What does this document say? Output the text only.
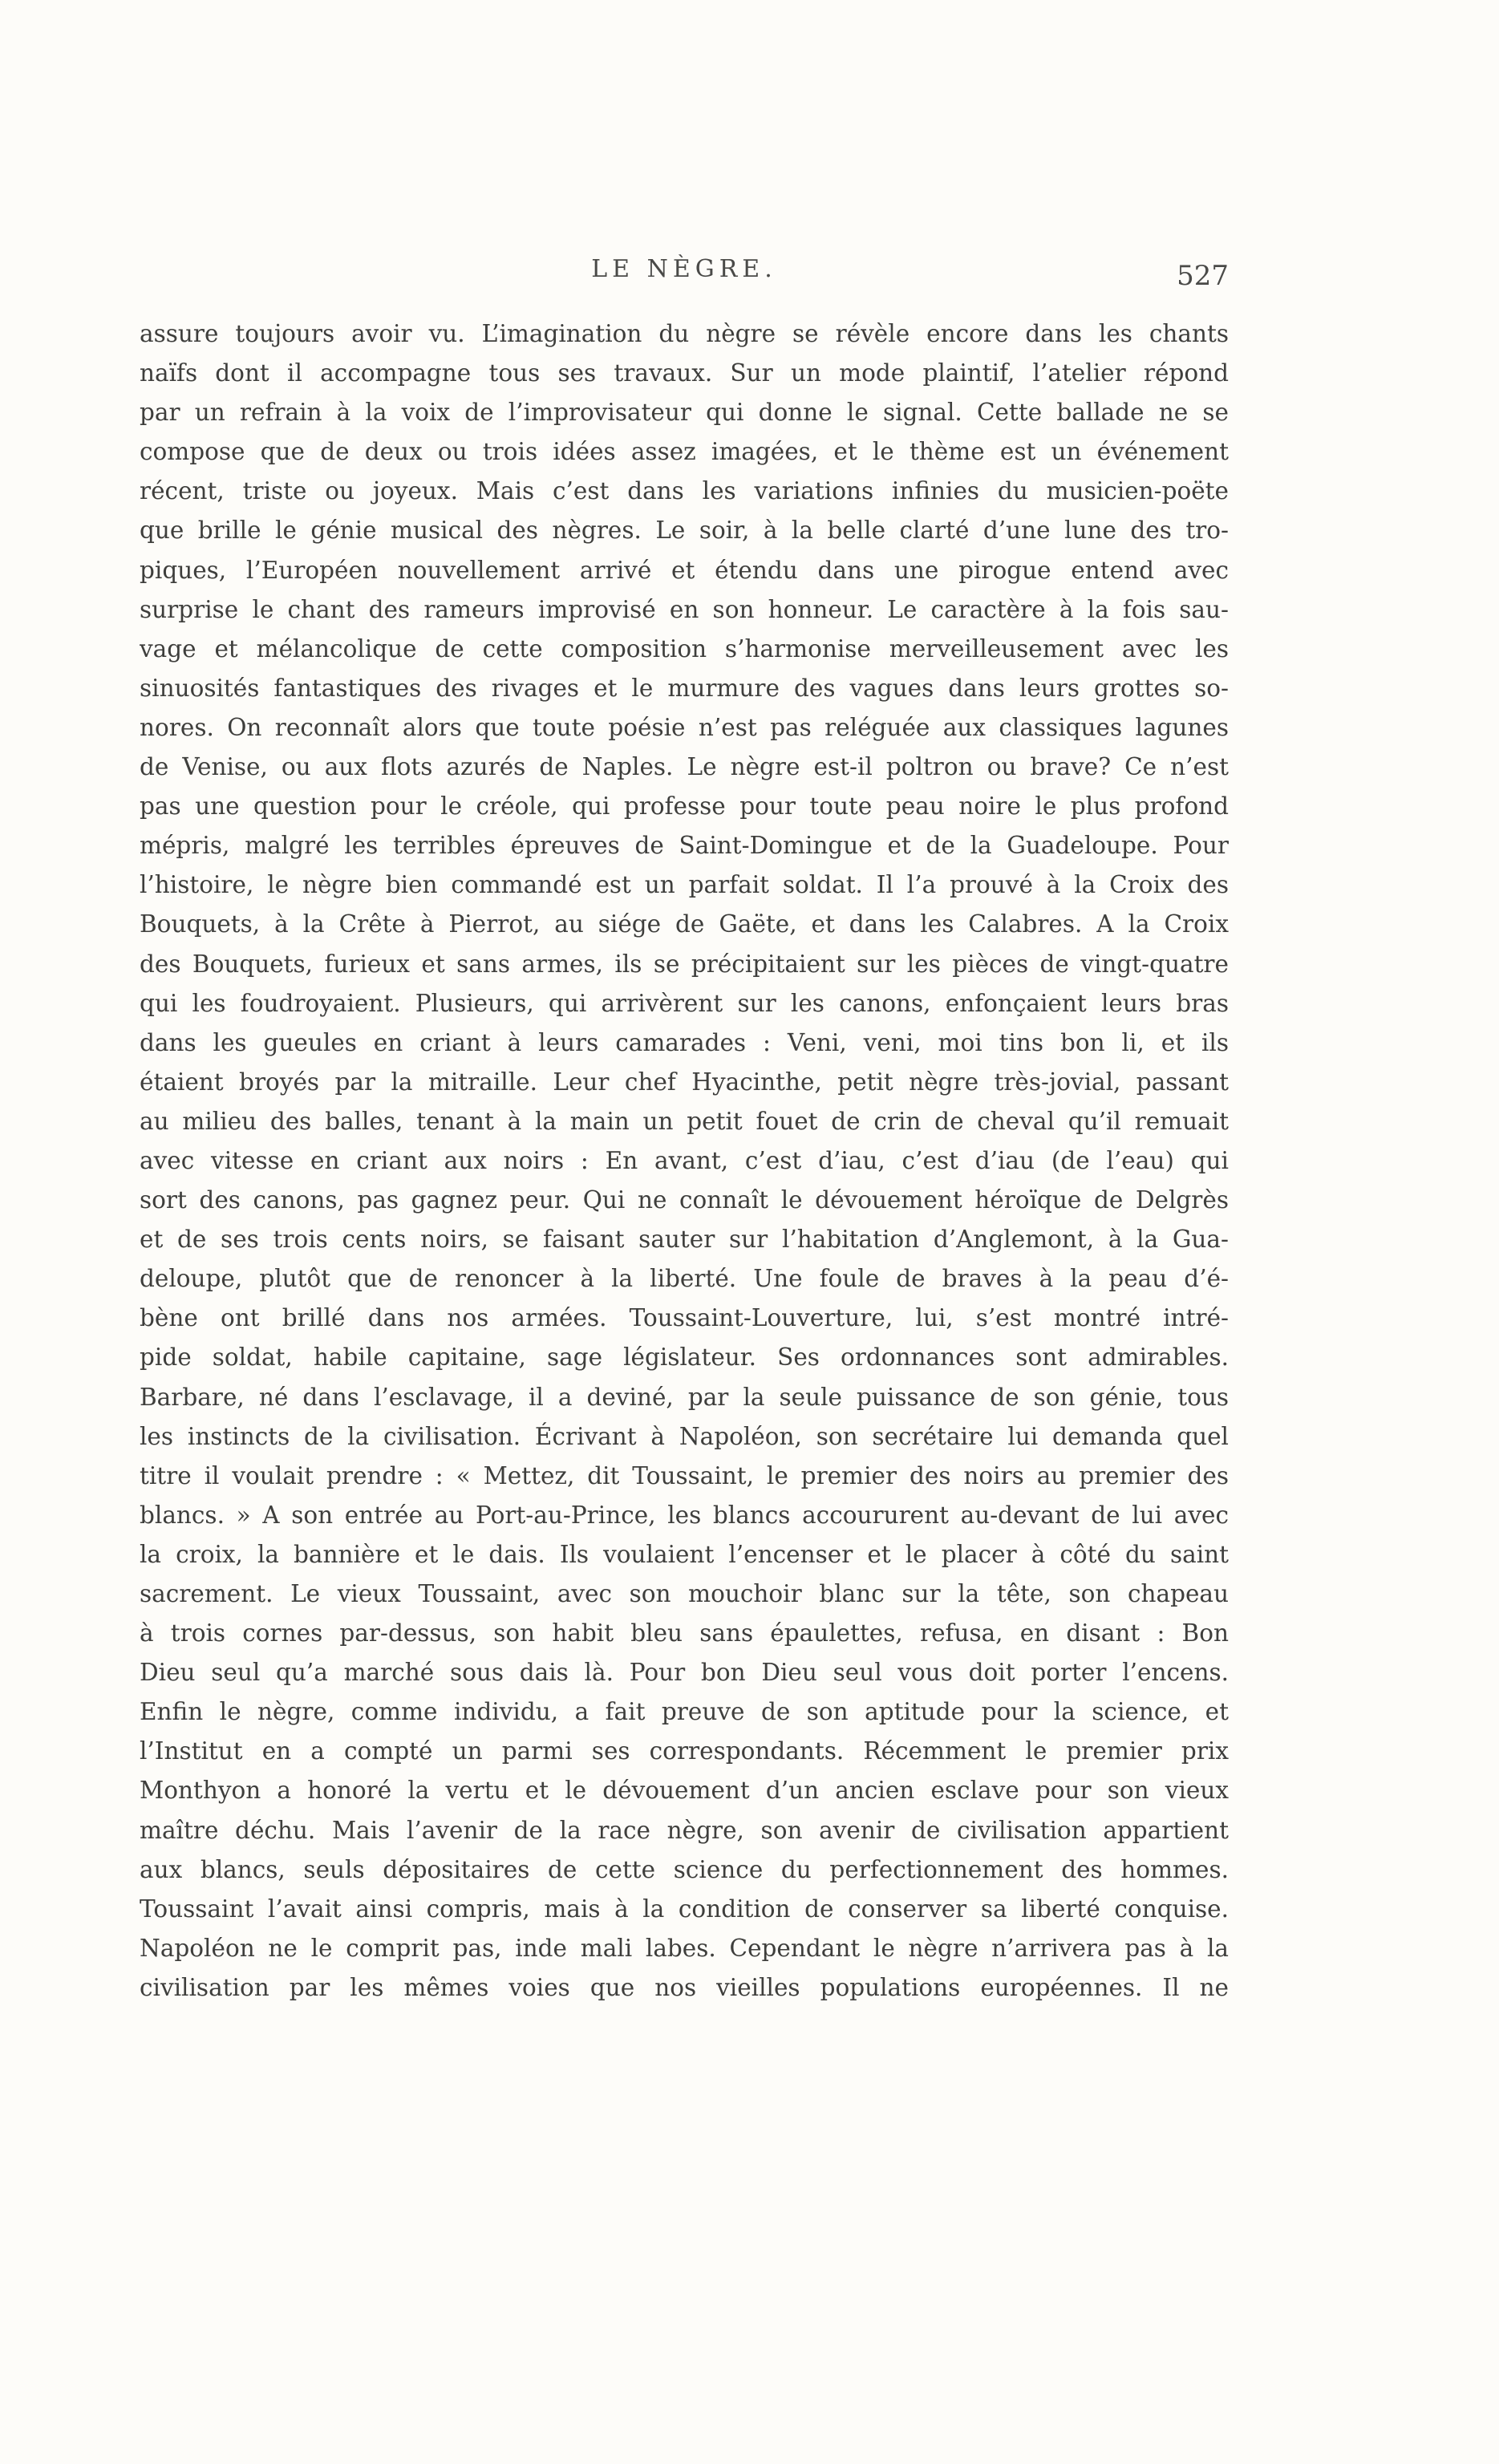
LE NÈGRE.	527
assure toujours avoir vu. L’imagination du nègre se révèle encore dans les chants
naïfs dont il accompagne tous ses travaux. Sur un mode plaintif, l’atelier répond
par un refrain à la voix de l’improvisateur qui donne le signal. Cette ballade ne se
compose que de deux ou trois idées assez imagées, et le thème est un événement
récent, triste ou joyeux. Mais c’est dans les variations infinies du musicien-poëte
que brille le génie musical des nègres. Le soir, à la belle clarté d’une lune des tro-
piques, l’Européen nouvellement arrivé et étendu dans une pirogue entend avec
surprise le chant des rameurs improvisé en son honneur. Le caractère à la fois sau-
vage et mélancolique de cette composition s’harmonise merveilleusement avec les
sinuosités fantastiques des rivages et le murmure des vagues dans leurs grottes so-
nores. On reconnaît alors que toute poésie n’est pas reléguée aux classiques lagunes
de Venise, ou aux flots azurés de Naples. Le nègre est-il poltron ou brave? Ce n’est
pas une question pour le créole, qui professe pour toute peau noire le plus profond
mépris, malgré les terribles épreuves de Saint-Domingue et de la Guadeloupe. Pour
l’histoire, le nègre bien commandé est un parfait soldat. Il l’a prouvé à la Croix des
Bouquets, à la Crête à Pierrot, au siége de Gaëte, et dans les Calabres. A la Croix
des Bouquets, furieux et sans armes, ils se précipitaient sur les pièces de vingt-quatre
qui les foudroyaient. Plusieurs, qui arrivèrent sur les canons, enfonçaient leurs bras
dans les gueules en criant à leurs camarades : Veni, veni, moi tins bon li, et ils
étaient broyés par la mitraille. Leur chef Hyacinthe, petit nègre très-jovial, passant
au milieu des balles, tenant à la main un petit fouet de crin de cheval qu’il remuait
avec vitesse en criant aux noirs : En avant, c’est d’iau, c’est d’iau (de l’eau) qui
sort des canons, pas gagnez peur. Qui ne connaît le dévouement héroïque de Delgrès
et de ses trois cents noirs, se faisant sauter sur l’habitation d’Anglemont, à la Gua-
deloupe, plutôt que de renoncer à la liberté. Une foule de braves à la peau d’é-
bène ont brillé dans nos armées. Toussaint-Louverture, lui, s’est montré intré-
pide soldat, habile capitaine, sage législateur. Ses ordonnances sont admirables.
Barbare, né dans l’esclavage, il a deviné, par la seule puissance de son génie, tous
les instincts de la civilisation. Écrivant à Napoléon, son secrétaire lui demanda quel
titre il voulait prendre : « Mettez, dit Toussaint, le premier des noirs au premier des
blancs. » A son entrée au Port-au-Prince, les blancs accoururent au-devant de lui avec
la croix, la bannière et le dais. Ils voulaient l’encenser et le placer à côté du saint
sacrement. Le vieux Toussaint, avec son mouchoir blanc sur la tête, son chapeau
à trois cornes par-dessus, son habit bleu sans épaulettes, refusa, en disant : Bon
Dieu seul qu’a marché sous dais là. Pour bon Dieu seul vous doit porter l’encens.
Enfin le nègre, comme individu, a fait preuve de son aptitude pour la science, et
l’Institut en a compté un parmi ses correspondants. Récemment le premier prix
Monthyon a honoré la vertu et le dévouement d’un ancien esclave pour son vieux
maître déchu. Mais l’avenir de la race nègre, son avenir de civilisation appartient
aux blancs, seuls dépositaires de cette science du perfectionnement des hommes.
Toussaint l’avait ainsi compris, mais à la condition de conserver sa liberté conquise.
Napoléon ne le comprit pas, inde mali labes. Cependant le nègre n’arrivera pas à la
civilisation par les mêmes voies que nos vieilles populations européennes. Il ne
